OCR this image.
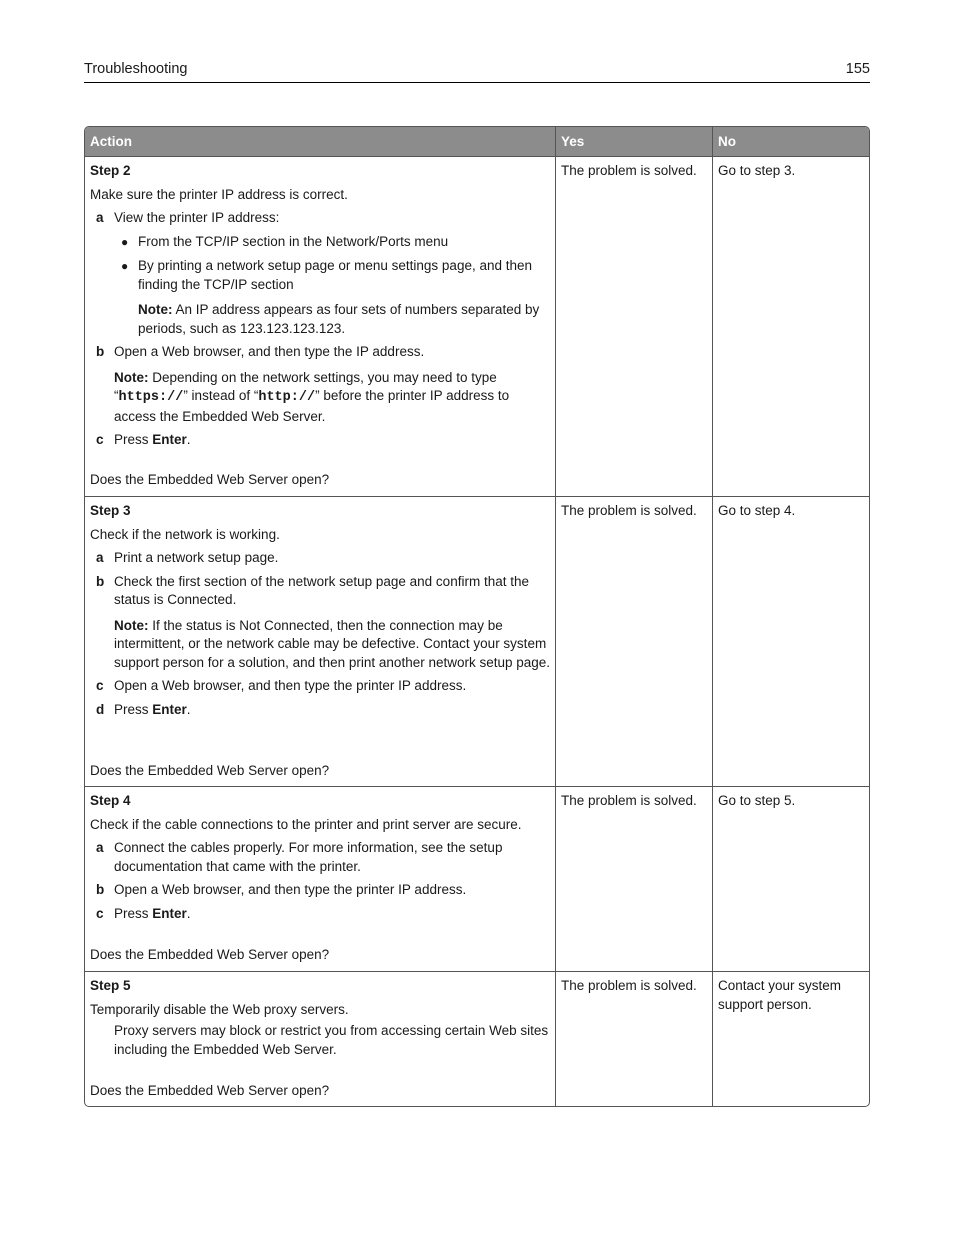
Troubleshooting	155
Action	Yes	No

Step 2

Make sure the printer IP address is correct.

a View the printer IP address:
● From the TCP/IP section in the Network/Ports menu
● By printing a network setup page or menu settings page, and then finding the TCP/IP section

Note: An IP address appears as four sets of numbers separated by periods, such as 123.123.123.123.

b Open a Web browser, and then type the IP address.

Note: Depending on the network settings, you may need to type “https://” instead of “http://” before the printer IP address to access the Embedded Web Server.

c Press Enter.
Does the Embedded Web Server open?
The problem is solved.	Go to step 3.

Step 3

Check if the network is working.

a Print a network setup page.
b Check the first section of the network setup page and confirm that the status is Connected.

Note: If the status is Not Connected, then the connection may be intermittent, or the network cable may be defective. Contact your system support person for a solution, and then print another network setup page.

c Open a Web browser, and then type the printer IP address.
d Press Enter.
Does the Embedded Web Server open?
The problem is solved.	Go to step 4.

Step 4

Check if the cable connections to the printer and print server are secure.

a Connect the cables properly. For more information, see the setup documentation that came with the printer.
b Open a Web browser, and then type the printer IP address.
c Press Enter.
Does the Embedded Web Server open?
The problem is solved.	Go to step 5.

Step 5

Temporarily disable the Web proxy servers.

Proxy servers may block or restrict you from accessing certain Web sites including the Embedded Web Server.

Does the Embedded Web Server open?
The problem is solved.	Contact your system support person.
